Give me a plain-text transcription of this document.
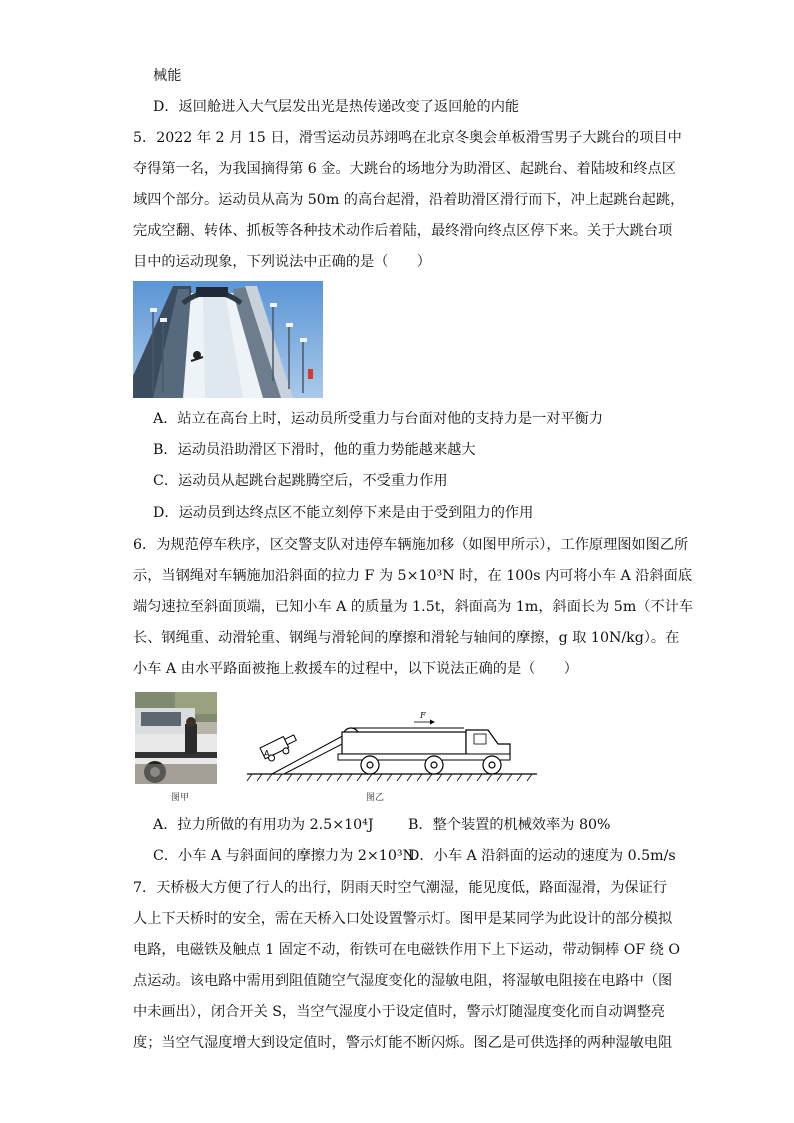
械能
D．返回舱进入大气层发出光是热传递改变了返回舱的内能
5．2022 年 2 月 15 日，滑雪运动员苏翊鸣在北京冬奥会单板滑雪男子大跳台的项目中
夺得第一名，为我国摘得第 6 金。大跳台的场地分为助滑区、起跳台、着陆坡和终点区
域四个部分。运动员从高为 50m 的高台起滑，沿着助滑区滑行而下，冲上起跳台起跳，
完成空翻、转体、抓板等各种技术动作后着陆，最终滑向终点区停下来。关于大跳台项
目中的运动现象，下列说法中正确的是（　　）
A．站立在高台上时，运动员所受重力与台面对他的支持力是一对平衡力
B．运动员沿助滑区下滑时，他的重力势能越来越大
C．运动员从起跳台起跳腾空后，不受重力作用
D．运动员到达终点区不能立刻停下来是由于受到阻力的作用
6．为规范停车秩序，区交警支队对违停车辆施加移（如图甲所示），工作原理图如图乙所
示，当钢绳对车辆施加沿斜面的拉力 F 为 5×10³N 时，在 100s 内可将小车 A 沿斜面底
端匀速拉至斜面顶端，已知小车 A 的质量为 1.5t，斜面高为 1m，斜面长为 5m（不计车
长、钢绳重、动滑轮重、钢绳与滑轮间的摩擦和滑轮与轴间的摩擦，g 取 10N/kg）。在
小车 A 由水平路面被拖上救援车的过程中，以下说法正确的是（　　）
图甲
A
F
图乙
A．拉力所做的有用功为 2.5×10⁴J B．整个装置的机械效率为 80%
C．小车 A 与斜面间的摩擦力为 2×10³N
D．小车 A 沿斜面的运动的速度为 0.5m/s
7．天桥极大方便了行人的出行，阴雨天时空气潮湿，能见度低，路面湿滑，为保证行
人上下天桥时的安全，需在天桥入口处设置警示灯。图甲是某同学为此设计的部分模拟
电路，电磁铁及触点 1 固定不动，衔铁可在电磁铁作用下上下运动，带动铜棒 OF 绕 O
点运动。该电路中需用到阻值随空气湿度变化的湿敏电阻，将湿敏电阻接在电路中（图
中未画出），闭合开关 S，当空气湿度小于设定值时，警示灯随湿度变化而自动调整亮
度；当空气湿度增大到设定值时，警示灯能不断闪烁。图乙是可供选择的两种湿敏电阻
